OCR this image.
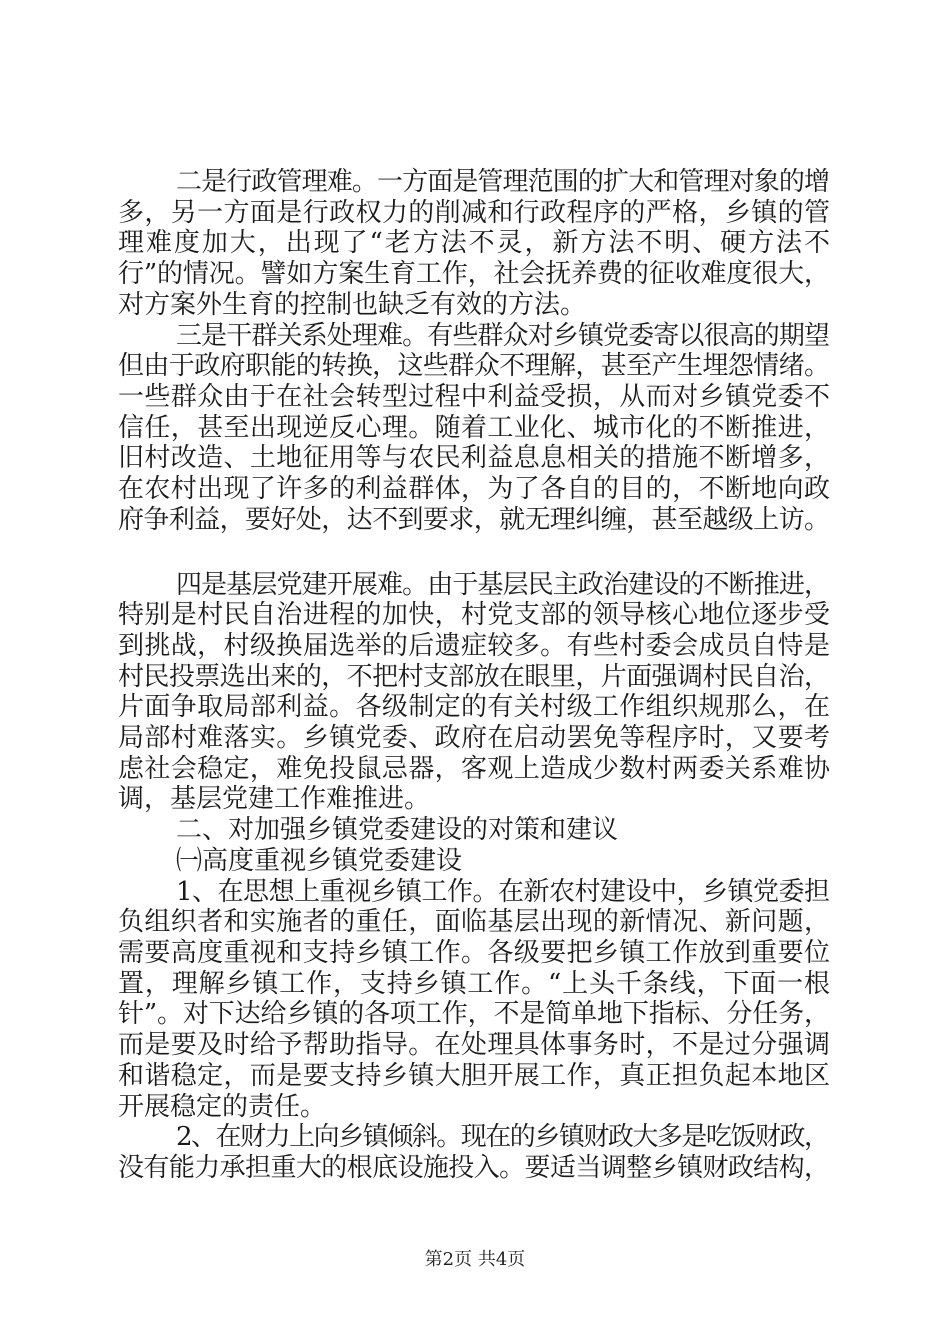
二是行政管理难。一方面是管理范围的扩大和管理对象的增
多，另一方面是行政权力的削减和行政程序的严格，乡镇的管
理难度加大，出现了“老方法不灵，新方法不明、硬方法不
行”的情况。譬如方案生育工作，社会抚养费的征收难度很大，
对方案外生育的控制也缺乏有效的方法。
三是干群关系处理难。有些群众对乡镇党委寄以很高的期望
但由于政府职能的转换，这些群众不理解，甚至产生埋怨情绪。
一些群众由于在社会转型过程中利益受损，从而对乡镇党委不
信任，甚至出现逆反心理。随着工业化、城市化的不断推进，
旧村改造、土地征用等与农民利益息息相关的措施不断增多，
在农村出现了许多的利益群体，为了各自的目的，不断地向政
府争利益，要好处，达不到要求，就无理纠缠，甚至越级上访。
四是基层党建开展难。由于基层民主政治建设的不断推进，
特别是村民自治进程的加快，村党支部的领导核心地位逐步受
到挑战，村级换届选举的后遗症较多。有些村委会成员自恃是
村民投票选出来的，不把村支部放在眼里，片面强调村民自治，
片面争取局部利益。各级制定的有关村级工作组织规那么，在
局部村难落实。乡镇党委、政府在启动罢免等程序时，又要考
虑社会稳定，难免投鼠忌器，客观上造成少数村两委关系难协
调，基层党建工作难推进。
二、对加强乡镇党委建设的对策和建议
㈠高度重视乡镇党委建设
1、在思想上重视乡镇工作。在新农村建设中，乡镇党委担
负组织者和实施者的重任，面临基层出现的新情况、新问题，
需要高度重视和支持乡镇工作。各级要把乡镇工作放到重要位
置，理解乡镇工作，支持乡镇工作。“上头千条线，下面一根
针”。对下达给乡镇的各项工作，不是简单地下指标、分任务，
而是要及时给予帮助指导。在处理具体事务时，不是过分强调
和谐稳定，而是要支持乡镇大胆开展工作，真正担负起本地区
开展稳定的责任。
2、在财力上向乡镇倾斜。现在的乡镇财政大多是吃饭财政，
没有能力承担重大的根底设施投入。要适当调整乡镇财政结构，
第2页 共4页
